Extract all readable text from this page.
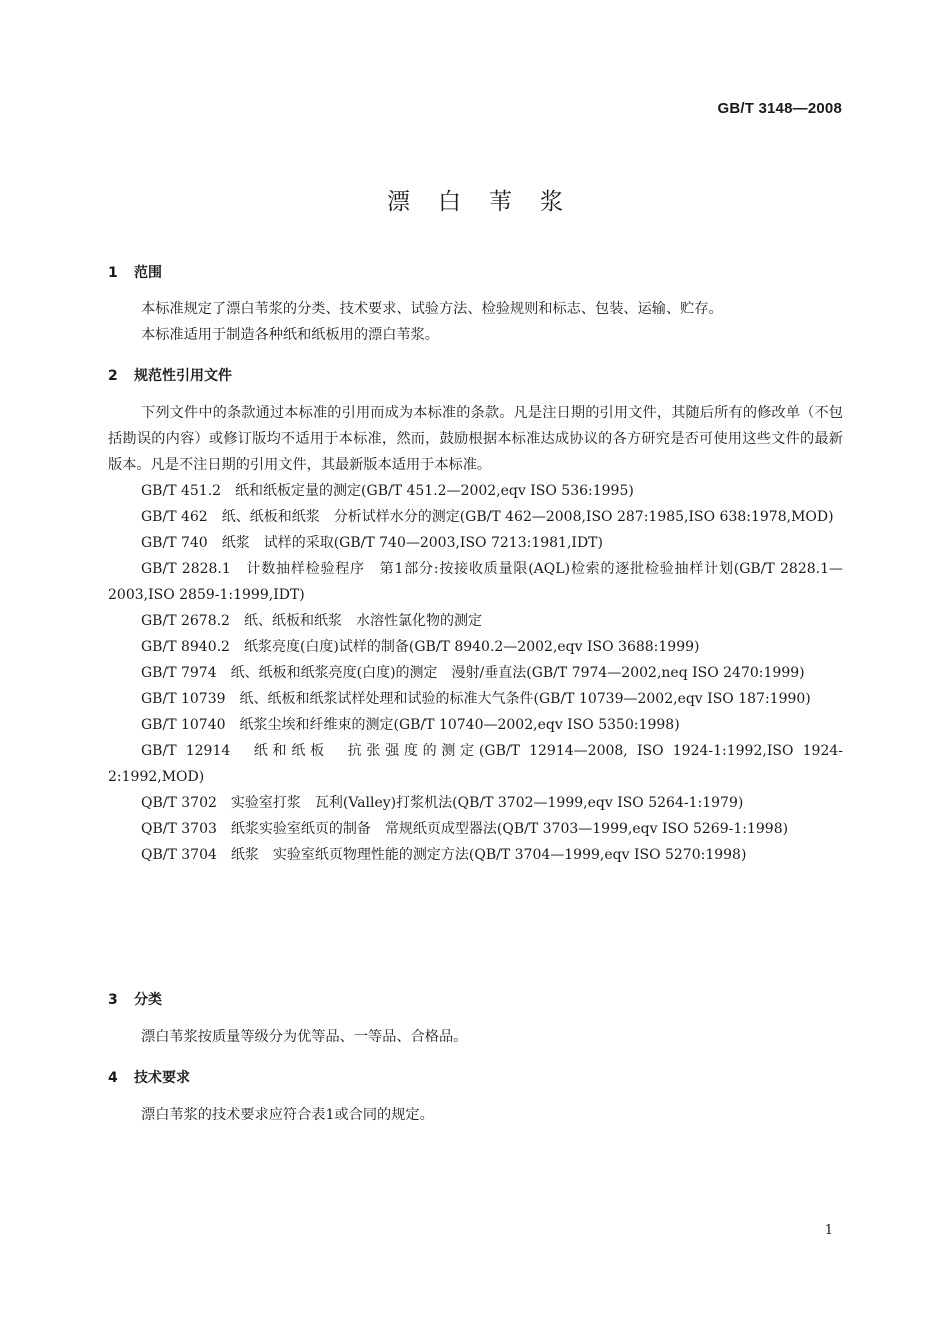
GB/T 3148—2008
漂白苇浆
1 范围
本标准规定了漂白苇浆的分类、技术要求、试验方法、检验规则和标志、包装、运输、贮存。
本标准适用于制造各种纸和纸板用的漂白苇浆。
2 规范性引用文件
下列文件中的条款通过本标准的引用而成为本标准的条款。凡是注日期的引用文件，其随后所有的修改单（不包括勘误的内容）或修订版均不适用于本标准，然而，鼓励根据本标准达成协议的各方研究是否可使用这些文件的最新版本。凡是不注日期的引用文件，其最新版本适用于本标准。
GB/T 451.2　纸和纸板定量的测定(GB/T 451.2—2002,eqv ISO 536:1995)
GB/T 462　纸、纸板和纸浆　分析试样水分的测定(GB/T 462—2008,ISO 287:1985,ISO 638:1978,MOD)
GB/T 740　纸浆　试样的采取(GB/T 740—2003,ISO 7213:1981,IDT)
GB/T 2828.1　计数抽样检验程序　第1部分:按接收质量限(AQL)检索的逐批检验抽样计划(GB/T 2828.1—2003,ISO 2859-1:1999,IDT)
GB/T 2678.2　纸、纸板和纸浆　水溶性氯化物的测定
GB/T 8940.2　纸浆亮度(白度)试样的制备(GB/T 8940.2—2002,eqv ISO 3688:1999)
GB/T 7974　纸、纸板和纸浆亮度(白度)的测定　漫射/垂直法(GB/T 7974—2002,neq ISO 2470:1999)
GB/T 10739　纸、纸板和纸浆试样处理和试验的标准大气条件(GB/T 10739—2002,eqv ISO 187:1990)
GB/T 10740　纸浆尘埃和纤维束的测定(GB/T 10740—2002,eqv ISO 5350:1998)
GB/T 12914　纸和纸板　抗张强度的测定(GB/T 12914—2008, ISO 1924-1:1992,ISO 1924-2:1992,MOD)
QB/T 3702　实验室打浆　瓦利(Valley)打浆机法(QB/T 3702—1999,eqv ISO 5264-1:1979)
QB/T 3703　纸浆实验室纸页的制备　常规纸页成型器法(QB/T 3703—1999,eqv ISO 5269-1:1998)
QB/T 3704　纸浆　实验室纸页物理性能的测定方法(QB/T 3704—1999,eqv ISO 5270:1998)
3 分类
漂白苇浆按质量等级分为优等品、一等品、合格品。
4 技术要求
漂白苇浆的技术要求应符合表1或合同的规定。
1
